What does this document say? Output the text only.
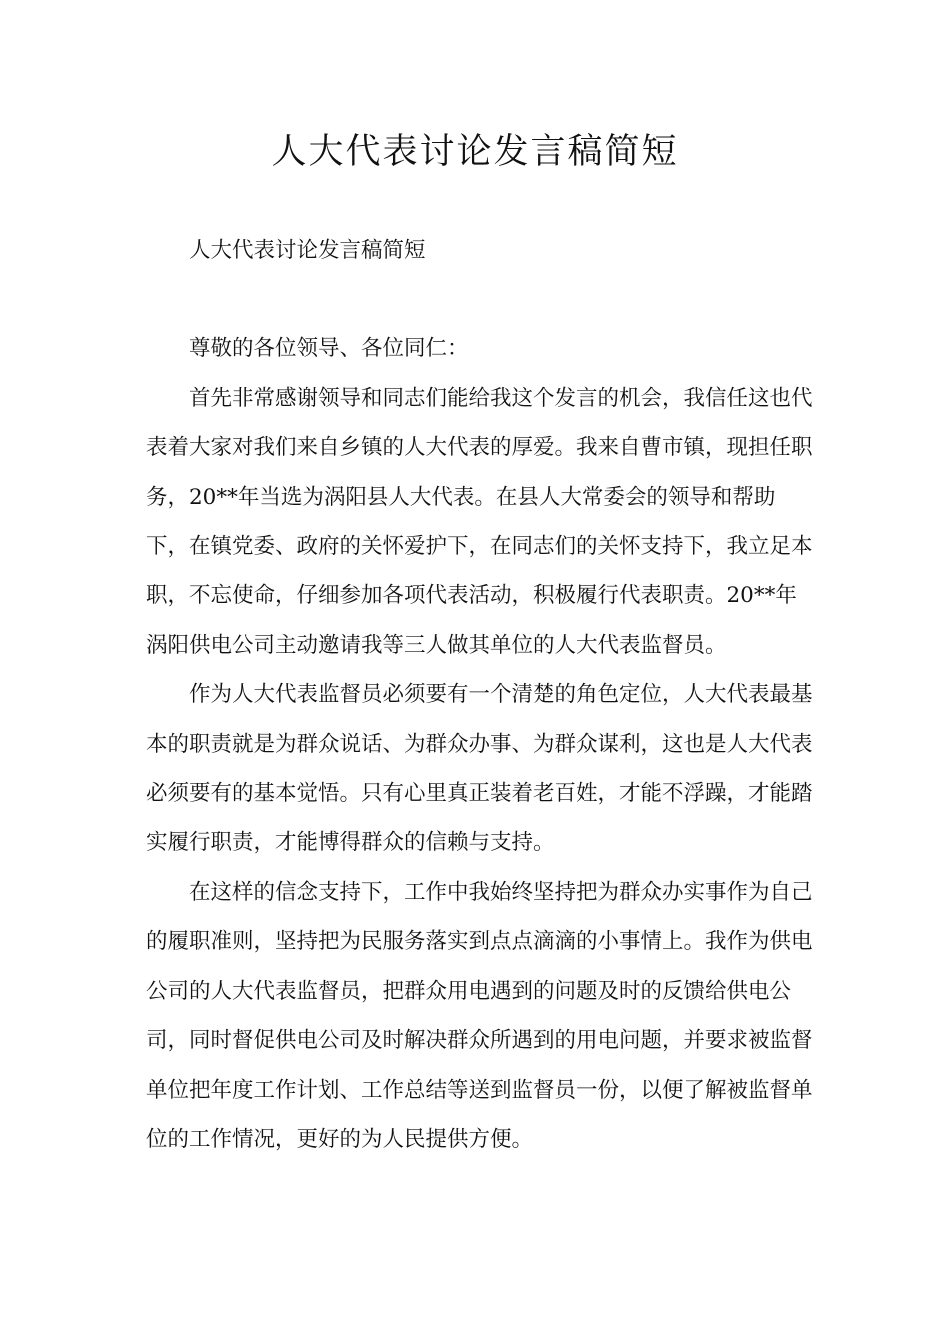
人大代表讨论发言稿简短

人大代表讨论发言稿简短

尊敬的各位领导、各位同仁：

首先非常感谢领导和同志们能给我这个发言的机会，我信任这也代表着大家对我们来自乡镇的人大代表的厚爱。我来自曹市镇，现担任职务，20**年当选为涡阳县人大代表。在县人大常委会的领导和帮助下，在镇党委、政府的关怀爱护下，在同志们的关怀支持下，我立足本职，不忘使命，仔细参加各项代表活动，积极履行代表职责。20**年涡阳供电公司主动邀请我等三人做其单位的人大代表监督员。

作为人大代表监督员必须要有一个清楚的角色定位，人大代表最基本的职责就是为群众说话、为群众办事、为群众谋利，这也是人大代表必须要有的基本觉悟。只有心里真正装着老百姓，才能不浮躁，才能踏实履行职责，才能博得群众的信赖与支持。

在这样的信念支持下，工作中我始终坚持把为群众办实事作为自己的履职准则，坚持把为民服务落实到点点滴滴的小事情上。我作为供电公司的人大代表监督员，把群众用电遇到的问题及时的反馈给供电公司，同时督促供电公司及时解决群众所遇到的用电问题，并要求被监督单位把年度工作计划、工作总结等送到监督员一份，以便了解被监督单位的工作情况，更好的为人民提供方便。
